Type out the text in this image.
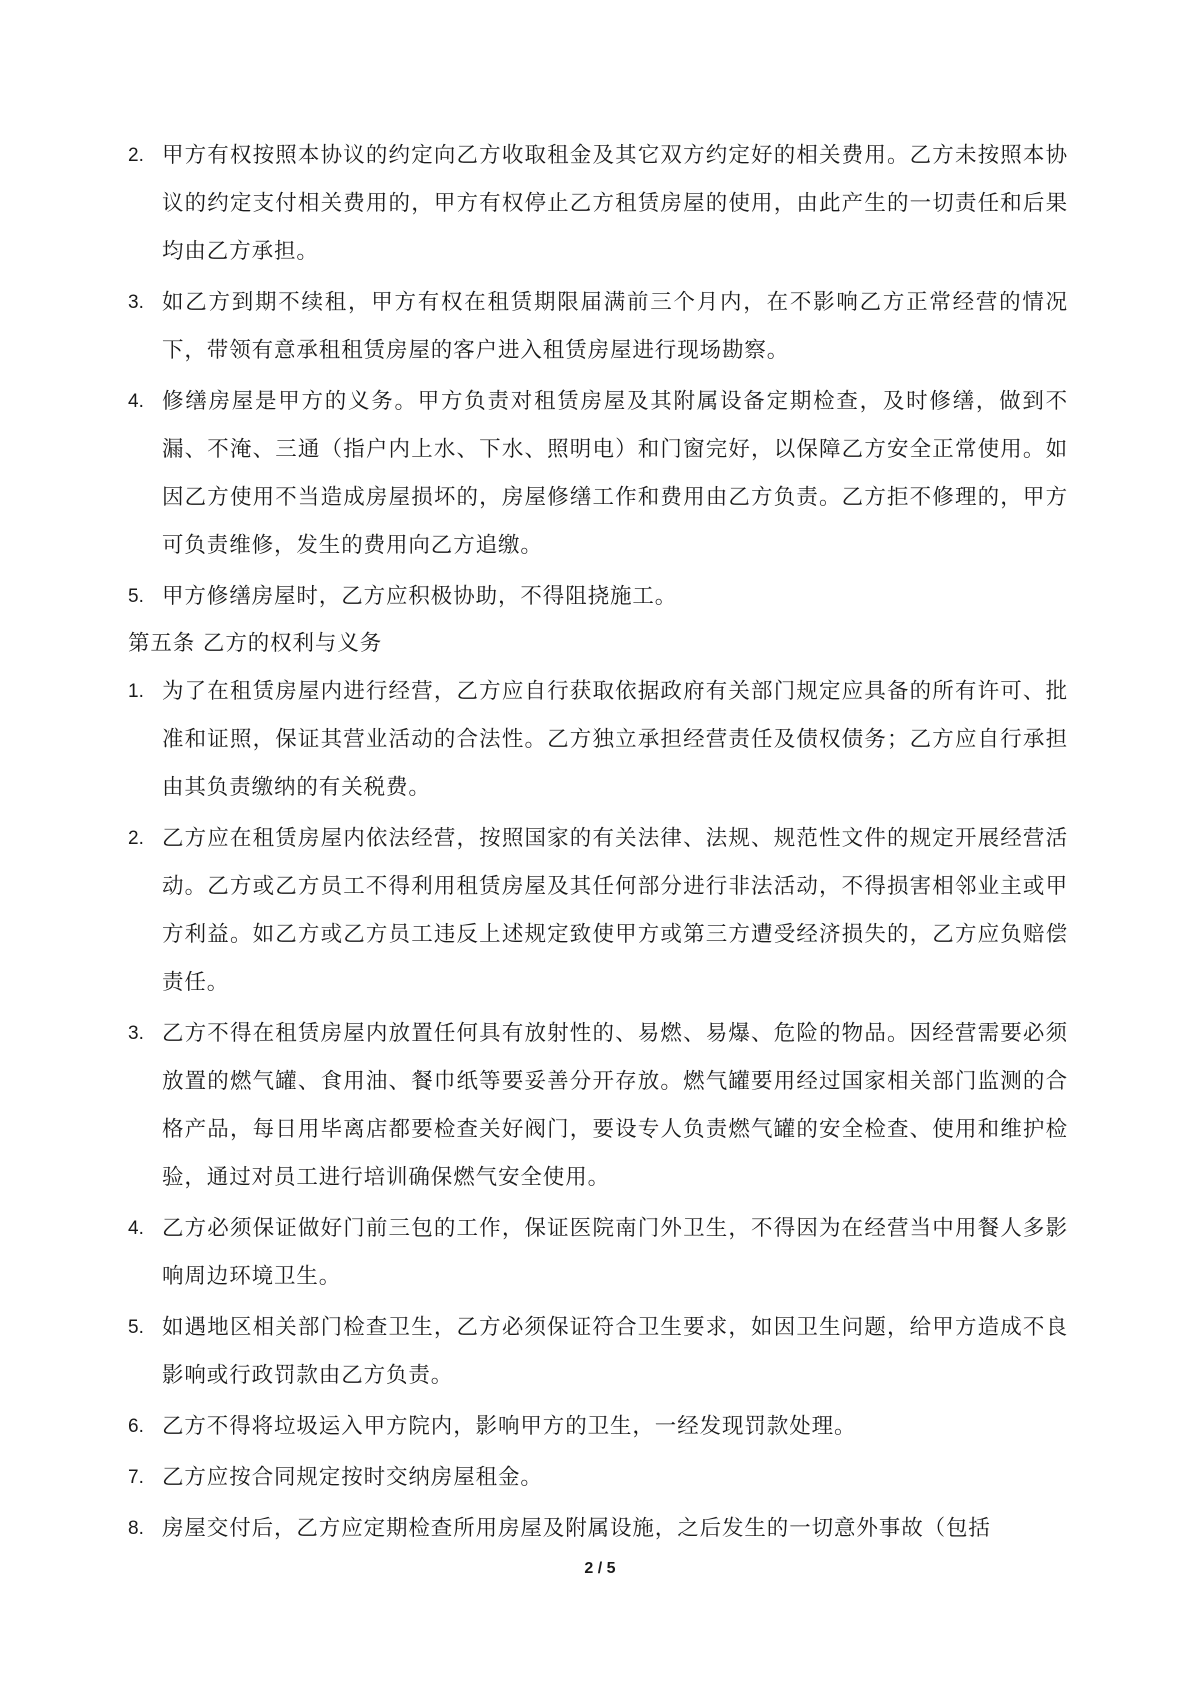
2. 甲方有权按照本协议的约定向乙方收取租金及其它双方约定好的相关费用。乙方未按照本协议的约定支付相关费用的，甲方有权停止乙方租赁房屋的使用，由此产生的一切责任和后果均由乙方承担。
3. 如乙方到期不续租，甲方有权在租赁期限届满前三个月内，在不影响乙方正常经营的情况下，带领有意承租租赁房屋的客户进入租赁房屋进行现场勘察。
4. 修缮房屋是甲方的义务。甲方负责对租赁房屋及其附属设备定期检查，及时修缮，做到不漏、不淹、三通（指户内上水、下水、照明电）和门窗完好，以保障乙方安全正常使用。如因乙方使用不当造成房屋损坏的，房屋修缮工作和费用由乙方负责。乙方拒不修理的，甲方可负责维修，发生的费用向乙方追缴。
5. 甲方修缮房屋时，乙方应积极协助，不得阻挠施工。
第五条 乙方的权利与义务
1. 为了在租赁房屋内进行经营，乙方应自行获取依据政府有关部门规定应具备的所有许可、批准和证照，保证其营业活动的合法性。乙方独立承担经营责任及债权债务；乙方应自行承担由其负责缴纳的有关税费。
2. 乙方应在租赁房屋内依法经营，按照国家的有关法律、法规、规范性文件的规定开展经营活动。乙方或乙方员工不得利用租赁房屋及其任何部分进行非法活动，不得损害相邻业主或甲方利益。如乙方或乙方员工违反上述规定致使甲方或第三方遭受经济损失的，乙方应负赔偿责任。
3. 乙方不得在租赁房屋内放置任何具有放射性的、易燃、易爆、危险的物品。因经营需要必须放置的燃气罐、食用油、餐巾纸等要妥善分开存放。燃气罐要用经过国家相关部门监测的合格产品，每日用毕离店都要检查关好阀门，要设专人负责燃气罐的安全检查、使用和维护检验，通过对员工进行培训确保燃气安全使用。
4. 乙方必须保证做好门前三包的工作，保证医院南门外卫生，不得因为在经营当中用餐人多影响周边环境卫生。
5. 如遇地区相关部门检查卫生，乙方必须保证符合卫生要求，如因卫生问题，给甲方造成不良影响或行政罚款由乙方负责。
6. 乙方不得将垃圾运入甲方院内，影响甲方的卫生，一经发现罚款处理。
7. 乙方应按合同规定按时交纳房屋租金。
8. 房屋交付后，乙方应定期检查所用房屋及附属设施，之后发生的一切意外事故（包括
2 / 5
